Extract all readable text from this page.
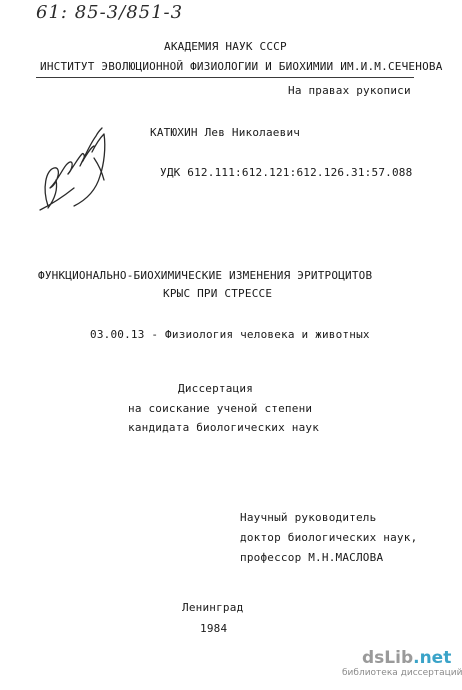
61: 85-3/851-3
АКАДЕМИЯ НАУК СССР
ИНСТИТУТ ЭВОЛЮЦИОННОЙ ФИЗИОЛОГИИ И БИОХИМИИ ИМ.И.М.СЕЧЕНОВА
На правах рукописи
КАТЮХИН Лев Николаевич
УДК 612.111:612.121:612.126.31:57.088
ФУНКЦИОНАЛЬНО-БИОХИМИЧЕСКИЕ ИЗМЕНЕНИЯ ЭРИТРОЦИТОВ
КРЫС ПРИ СТРЕССЕ
03.00.13 - Физиология человека и животных
Диссертация
на соискание ученой степени
кандидата биологических наук
Научный руководитель
доктор биологических наук,
профессор М.Н.МАСЛОВА
Ленинград
1984
dsLib.net
библиотека диссертаций
